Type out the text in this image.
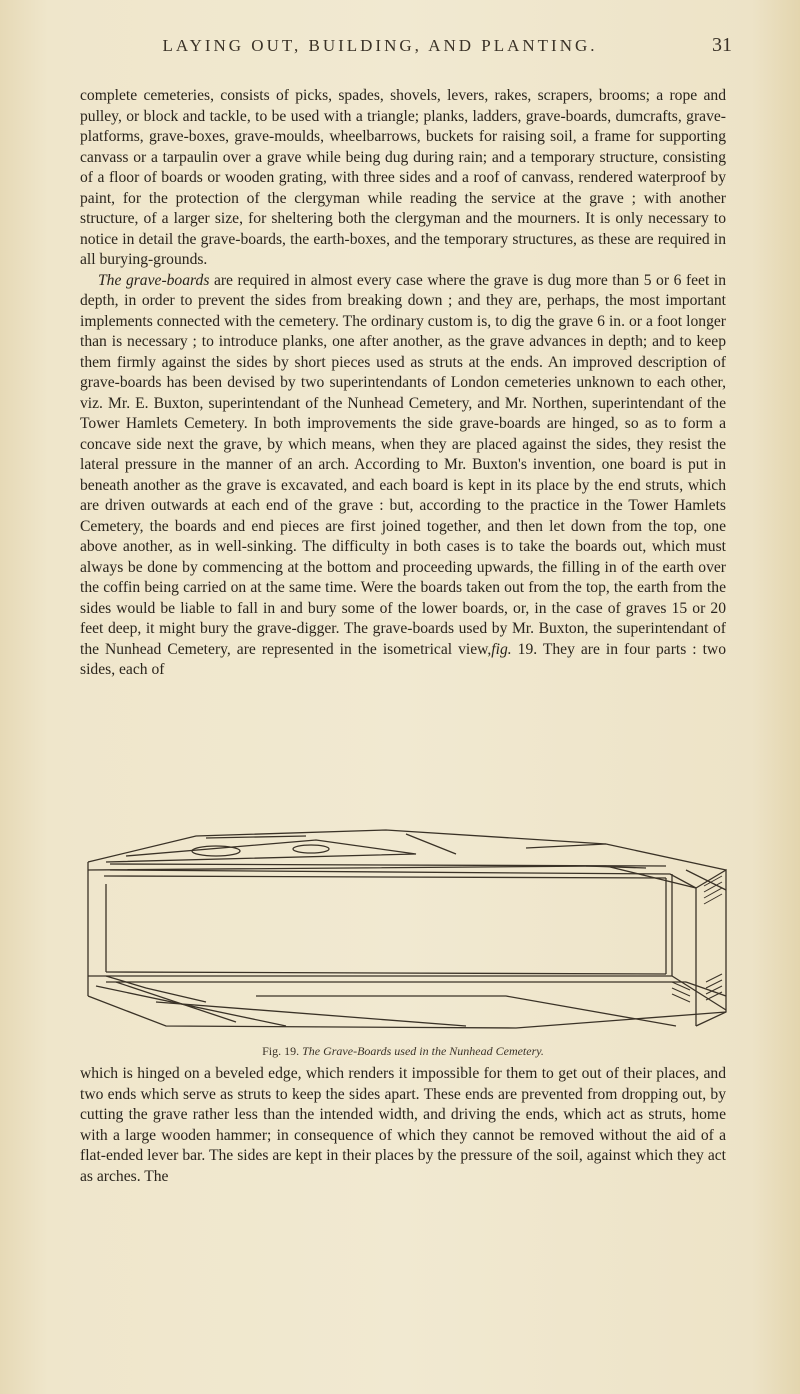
LAYING OUT, BUILDING, AND PLANTING.	31

complete cemeteries, consists of picks, spades, shovels, levers, rakes, scrapers, brooms; a rope and pulley, or block and tackle, to be used with a triangle; planks, ladders, grave-boards, dumcrafts, grave-platforms, grave-boxes, grave-moulds, wheelbarrows, buckets for raising soil, a frame for supporting canvass or a tarpaulin over a grave while being dug during rain; and a temporary structure, consisting of a floor of boards or wooden grating, with three sides and a roof of canvass, rendered waterproof by paint, for the protection of the clergyman while reading the service at the grave ; with another structure, of a larger size, for sheltering both the clergyman and the mourners. It is only necessary to notice in detail the grave-boards, the earth-boxes, and the temporary structures, as these are required in all burying-grounds.

The grave-boards are required in almost every case where the grave is dug more than 5 or 6 feet in depth, in order to prevent the sides from breaking down ; and they are, perhaps, the most important implements connected with the cemetery. The ordinary custom is, to dig the grave 6 in. or a foot longer than is necessary ; to introduce planks, one after another, as the grave advances in depth; and to keep them firmly against the sides by short pieces used as struts at the ends. An improved description of grave-boards has been devised by two superintendants of London cemeteries unknown to each other, viz. Mr. E. Buxton, superintendant of the Nunhead Cemetery, and Mr. Northen, superintendant of the Tower Hamlets Cemetery. In both improvements the side grave-boards are hinged, so as to form a concave side next the grave, by which means, when they are placed against the sides, they resist the lateral pressure in the manner of an arch. According to Mr. Buxton's invention, one board is put in beneath another as the grave is excavated, and each board is kept in its place by the end struts, which are driven outwards at each end of the grave : but, according to the practice in the Tower Hamlets Cemetery, the boards and end pieces are first joined together, and then let down from the top, one above another, as in well-sinking. The difficulty in both cases is to take the boards out, which must always be done by commencing at the bottom and proceeding upwards, the filling in of the earth over the coffin being carried on at the same time. Were the boards taken out from the top, the earth from the sides would be liable to fall in and bury some of the lower boards, or, in the case of graves 15 or 20 feet deep, it might bury the grave-digger. The grave-boards used by Mr. Buxton, the superintendant of the Nunhead Cemetery, are represented in the isometrical view,fig. 19. They are in four parts : two sides, each of

Fig. 19. The Grave-Boards used in the Nunhead Cemetery.

which is hinged on a beveled edge, which renders it impossible for them to get out of their places, and two ends which serve as struts to keep the sides apart. These ends are prevented from dropping out, by cutting the grave rather less than the intended width, and driving the ends, which act as struts, home with a large wooden hammer; in consequence of which they cannot be removed without the aid of a flat-ended lever bar. The sides are kept in their places by the pressure of the soil, against which they act as arches. The
